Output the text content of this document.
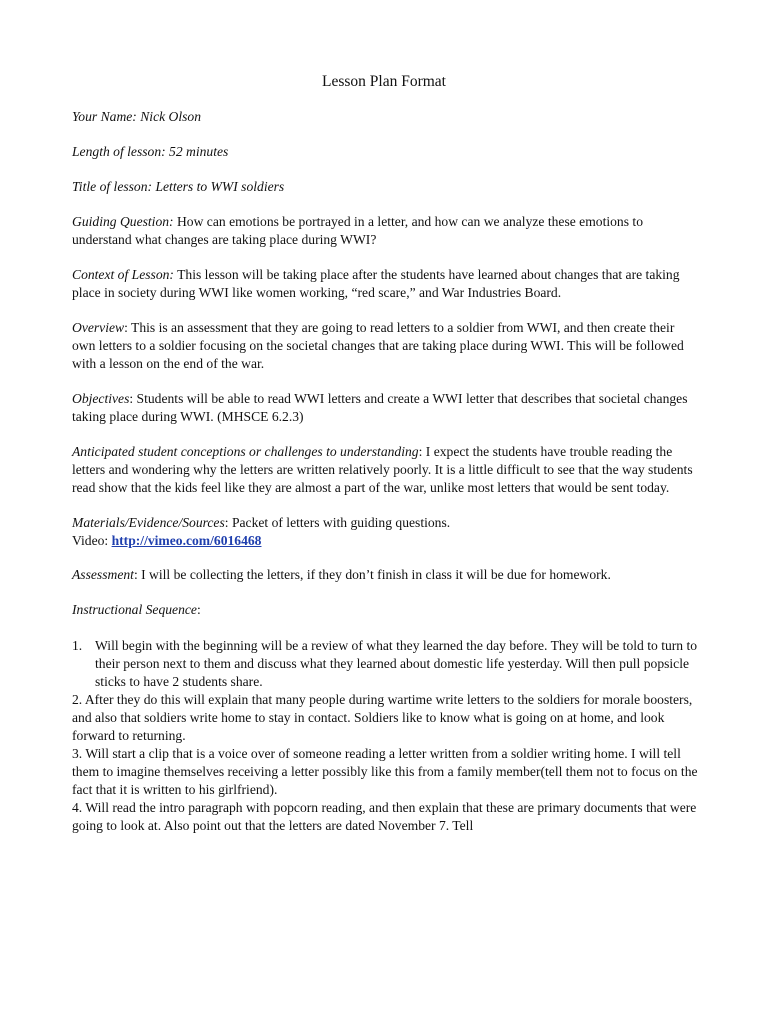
Lesson Plan Format

Your Name: Nick Olson

Length of lesson: 52 minutes

Title of lesson: Letters to WWI soldiers

Guiding Question: How can emotions be portrayed in a letter, and how can we analyze these emotions to understand what changes are taking place during WWI?

Context of Lesson: This lesson will be taking place after the students have learned about changes that are taking place in society during WWI like women working, “red scare,” and War Industries Board.

Overview: This is an assessment that they are going to read letters to a soldier from WWI, and then create their own letters to a soldier focusing on the societal changes that are taking place during WWI. This will be followed with a lesson on the end of the war.

Objectives: Students will be able to read WWI letters and create a WWI letter that describes that societal changes taking place during WWI. (MHSCE 6.2.3)

Anticipated student conceptions or challenges to understanding: I expect the students have trouble reading the letters and wondering why the letters are written relatively poorly. It is a little difficult to see that the way students read show that the kids feel like they are almost a part of the war, unlike most letters that would be sent today.

Materials/Evidence/Sources: Packet of letters with guiding questions.
Video: http://vimeo.com/6016468

Assessment: I will be collecting the letters, if they don’t finish in class it will be due for homework.

Instructional Sequence:

1. Will begin with the beginning will be a review of what they learned the day before. They will be told to turn to their person next to them and discuss what they learned about domestic life yesterday. Will then pull popsicle sticks to have 2 students share.

2. After they do this will explain that many people during wartime write letters to the soldiers for morale boosters, and also that soldiers write home to stay in contact. Soldiers like to know what is going on at home, and look forward to returning.

3. Will start a clip that is a voice over of someone reading a letter written from a soldier writing home. I will tell them to imagine themselves receiving a letter possibly like this from a family member(tell them not to focus on the fact that it is written to his girlfriend).

4. Will read the intro paragraph with popcorn reading, and then explain that these are primary documents that were going to look at. Also point out that the letters are dated November 7. Tell
